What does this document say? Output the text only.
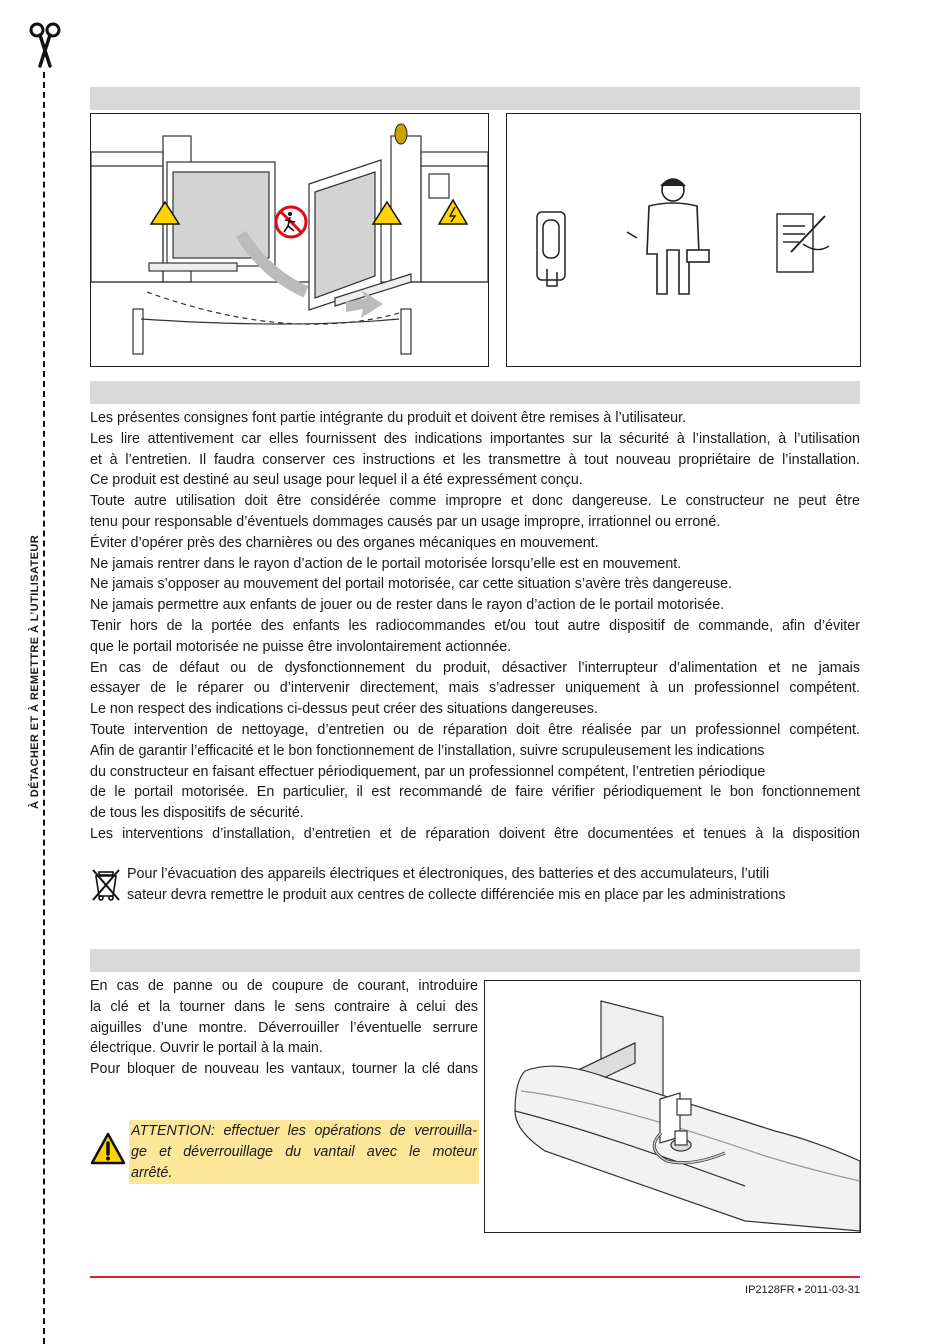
À DÉTACHER ET À REMETTRE À L’UTILISATEUR
Les présentes consignes font partie intégrante du produit et doivent être remises à l’utilisateur.
Les lire attentivement car elles fournissent des indications importantes sur la sécurité à l’installation, à l’utilisation
et à l’entretien. Il faudra conserver ces instructions et les transmettre à tout nouveau propriétaire de l’installation.
Ce produit est destiné au seul usage pour lequel il a été expressément conçu.
Toute autre utilisation doit être considérée comme impropre et donc dangereuse. Le constructeur ne peut être
tenu pour responsable d’éventuels dommages causés par un usage impropre, irrationnel ou erroné.
Éviter d’opérer près des charnières ou des organes mécaniques en mouvement.
Ne jamais rentrer dans le rayon d’action de le portail motorisée lorsqu’elle est en mouvement.
Ne jamais s’opposer au mouvement del portail motorisée, car cette situation s’avère très dangereuse.
Ne jamais permettre aux enfants de jouer ou de rester dans le rayon d’action de le portail motorisée.
Tenir hors de la portée des enfants les radiocommandes et/ou tout autre dispositif de commande, afin d’éviter
que le portail motorisée ne puisse être involontairement actionnée.
En cas de défaut ou de dysfonctionnement du produit, désactiver l’interrupteur d’alimentation et ne jamais
essayer de le réparer ou d’intervenir directement, mais s’adresser uniquement à un professionnel compétent.
Le non respect des indications ci-dessus peut créer des situations dangereuses.
Toute intervention de nettoyage, d’entretien ou de réparation doit être réalisée par un professionnel compétent.
Afin de garantir l’efficacité et le bon fonctionnement de l’installation, suivre scrupuleusement les indications
du constructeur en faisant effectuer périodiquement, par un professionnel compétent, l’entretien périodique
de le portail motorisée. En particulier, il est recommandé de faire vérifier périodiquement le bon fonctionnement
de tous les dispositifs de sécurité.
Les interventions d’installation, d’entretien et de réparation doivent être documentées et tenues à la disposition
Pour l’évacuation des appareils électriques et électroniques, des batteries et des accumulateurs, l’utili
sateur devra remettre le produit aux centres de collecte différenciée mis en place par les administrations
En cas de panne ou de coupure de courant, introduire
la clé et la tourner dans le sens contraire à celui des
aiguilles d’une montre. Déverrouiller l’éventuelle serrure
électrique. Ouvrir le portail à la main.
Pour bloquer de nouveau les vantaux, tourner la clé dans
ATTENTION: effectuer les opérations de verrouilla-
ge et déverrouillage du vantail avec le moteur
arrêté.
IP2128FR • 2011-03-31
